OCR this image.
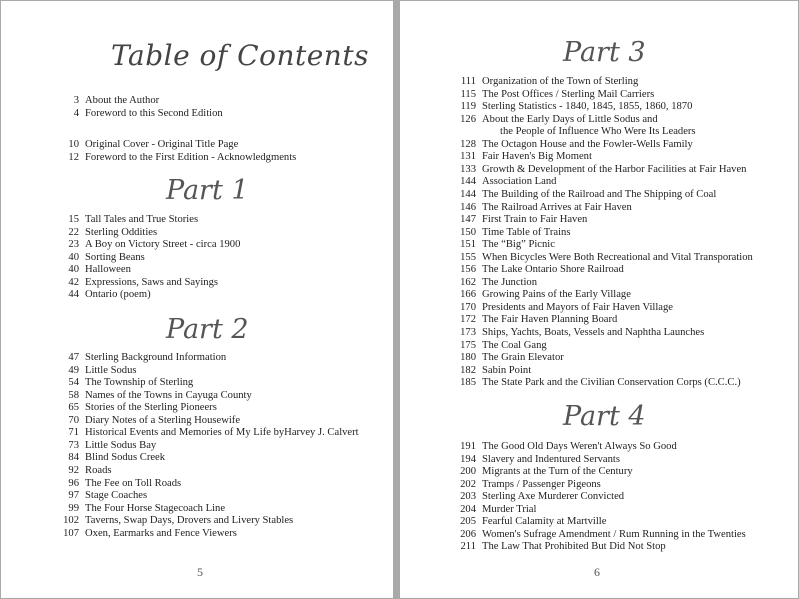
Table of Contents
Part 1
Part 2
5
3 About the Author
4 Foreword to this Second Edition
10 Original Cover - Original Title Page
12 Foreword to the First Edition - Acknowledgments
15 Tall Tales and True Stories
22 Sterling Oddities
23 A Boy on Victory Street - circa 1900
40 Sorting Beans
40 Halloween
42 Expressions, Saws and Sayings
44 Ontario (poem)
47 Sterling Background Information
49 Little Sodus
54 The Township of Sterling
58 Names of the Towns in Cayuga County
65 Stories of the Sterling Pioneers
70 Diary Notes of a Sterling Housewife
71 Historical Events and Memories of My Life byHarvey J. Calvert
73 Little Sodus Bay
84 Blind Sodus Creek
92 Roads
96 The Fee on Toll Roads
97 Stage Coaches
99 The Four Horse Stagecoach Line
102 Taverns, Swap Days, Drovers and Livery Stables
107 Oxen, Earmarks and Fence Viewers
Part 3
Part 4
6
111 Organization of the Town of Sterling
115 The Post Offices / Sterling Mail Carriers
119 Sterling Statistics - 1840, 1845, 1855, 1860, 1870
126 About the Early Days of Little Sodus and
the People of Influence Who Were Its Leaders
128 The Octagon House and the Fowler-Wells Family
131 Fair Haven's Big Moment
133 Growth & Development of the Harbor Facilities at Fair Haven
144 Association Land
144 The Building of the Railroad and The Shipping of Coal
146 The Railroad Arrives at Fair Haven
147 First Train to Fair Haven
150 Time Table of Trains
151 The “Big” Picnic
155 When Bicycles Were Both Recreational and Vital Transporation
156 The Lake Ontario Shore Railroad
162 The Junction
166 Growing Pains of the Early Village
170 Presidents and Mayors of Fair Haven Village
172 The Fair Haven Planning Board
173 Ships, Yachts, Boats, Vessels and Naphtha Launches
175 The Coal Gang
180 The Grain Elevator
182 Sabin Point
185 The State Park and the Civilian Conservation Corps (C.C.C.)
191 The Good Old Days Weren't Always So Good
194 Slavery and Indentured Servants
200 Migrants at the Turn of the Century
202 Tramps / Passenger Pigeons
203 Sterling Axe Murderer Convicted
204 Murder Trial
205 Fearful Calamity at Martville
206 Women's Sufrage Amendment / Rum Running in the Twenties
211 The Law That Prohibited But Did Not Stop
